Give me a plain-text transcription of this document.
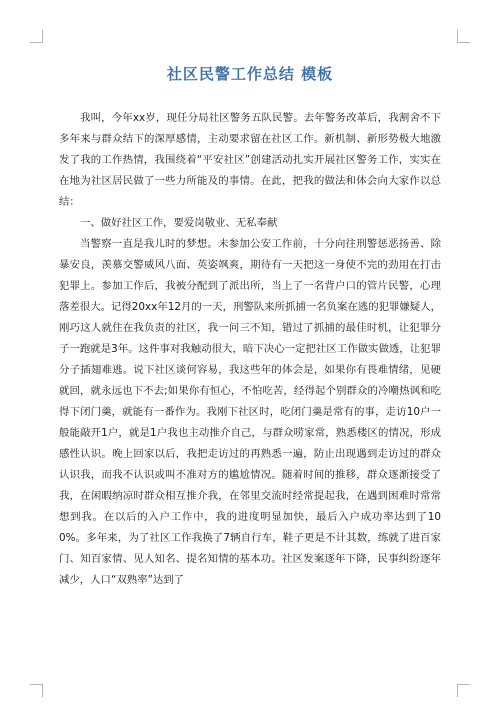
社区民警工作总结 模板

我叫，今年xx岁，现任分局社区警务五队民警。去年警务改革后，我割舍不下多年来与群众结下的深厚感情，主动要求留在社区工作。新机制、新形势极大地激发了我的工作热情，我围绕着“平安社区”创建活动扎实开展社区警务工作，实实在在地为社区居民做了一些力所能及的事情。在此，把我的做法和体会向大家作以总结：

一、做好社区工作，要爱岗敬业、无私奉献

当警察一直是我儿时的梦想。未参加公安工作前，十分向往刑警惩恶扬善、除暴安良，羡慕交警威风八面、英姿飒爽，期待有一天把这一身使不完的劲用在打击犯罪上。参加工作后，我被分配到了派出所，当上了一名背户口的管片民警，心理落差很大。记得20xx年12月的一天，刑警队来所抓捕一名负案在逃的犯罪嫌疑人，刚巧这人就住在我负责的社区，我一问三不知，错过了抓捕的最佳时机，让犯罪分子一跑就是3年。这件事对我触动很大，暗下决心一定把社区工作做实做透，让犯罪分子插翅难逃。说下社区谈何容易，我这些年的体会是，如果你有畏难情绪，见硬就回，就永远也下不去;如果你有恒心，不怕吃苦，经得起个别群众的冷嘲热讽和吃得下闭门羹，就能有一番作为。我刚下社区时，吃闭门羹是常有的事，走访10户一般能敲开1户，就是1户我也主动推介自己，与群众唠家常，熟悉楼区的情况，形成感性认识。晚上回家以后，我把走访过的再熟悉一遍，防止出现遇到走访过的群众认识我，而我不认识或叫不准对方的尴尬情况。随着时间的推移，群众逐渐接受了我，在闲暇纳凉时群众相互推介我，在邻里交流时经常提起我，在遇到困难时常常想到我。在以后的入户工作中，我的进度明显加快，最后入户成功率达到了100%。多年来，为了社区工作我换了7辆自行车，鞋子更是不计其数，练就了进百家门、知百家情、见人知名、提名知情的基本功。社区发案逐年下降，民事纠纷逐年减少，人口“双熟率”达到了
